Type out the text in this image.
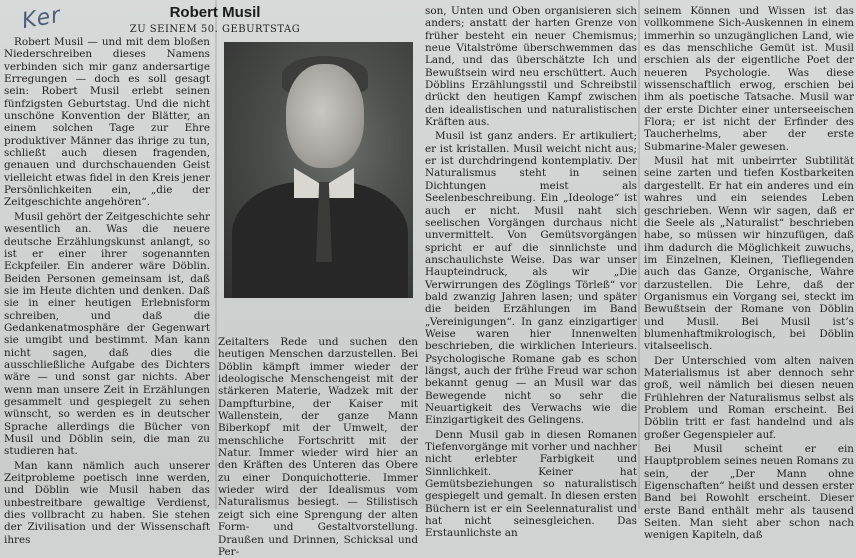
Ker	Robert Musil
ZU SEINEM 50. GEBURTSTAG

Robert Musil — und mit dem bloßen Niederschreiben dieses Namens verbinden sich mir ganz andersartige Erregungen — doch es soll gesagt sein: Robert Musil erlebt seinen fünfzigsten Geburtstag. Und die nicht unschöne Konvention der Blätter, an einem solchen Tage zur Ehre produktiver Männer das ihrige zu tun, schließt auch diesen fragenden, genauen und durchschauenden Geist vielleicht etwas fidel in den Kreis jener Persönlichkeiten ein, „die der Zeitgeschichte angehören“.

Musil gehört der Zeitgeschichte sehr wesentlich an. Was die neuere deutsche Erzählungskunst anlangt, so ist er einer ihrer sogenannten Eckpfeiler. Ein anderer wäre Döblin. Beiden Personen gemeinsam ist, daß sie im Heute dichten und denken. Daß sie in einer heutigen Erlebnisform schreiben, und daß die Gedankenatmosphäre der Gegenwart sie umgibt und bestimmt. Man kann nicht sagen, daß dies die ausschließliche Aufgabe des Dichters wäre — und sonst gar nichts. Aber wenn man unsere Zeit in Erzählungen gesammelt und gespiegelt zu sehen wünscht, so werden es in deutscher Sprache allerdings die Bücher von Musil und Döblin sein, die man zu studieren hat.

Man kann nämlich auch unserer Zeitprobleme poetisch inne werden, und Döblin wie Musil haben das unbestreitbare gewaltige Verdienst, dies vollbracht zu haben. Sie stehen der Zivilisation und der Wissenschaft ihres

Zeitalters Rede und suchen den heutigen Menschen darzustellen. Bei Döblin kämpft immer wieder der ideologische Menschengeist mit der stärkeren Materie, Wadzek mit der Dampfturbine, der Kaiser mit Wallenstein, der ganze Mann Biberkopf mit der Umwelt, der menschliche Fortschritt mit der Natur. Immer wieder wird hier an den Kräften des Unteren das Obere zu einer Donquichotterie. Immer wieder wird der Idealismus vom Naturalismus besiegt. — Stilistisch zeigt sich eine Sprengung der alten Form- und Gestaltvorstellung. Draußen und Drinnen, Schicksal und Per-

son, Unten und Oben organisieren sich anders; anstatt der harten Grenze von früher besteht ein neuer Chemismus; neue Vitalströme überschwemmen das Land, und das überschätzte Ich und Bewußtsein wird neu erschüttert. Auch Döblins Erzählungsstil und Schreibstil drückt den heutigen Kampf zwischen den idealistischen und naturalistischen Kräften aus.

Musil ist ganz anders. Er artikuliert; er ist kristallen. Musil weicht nicht aus; er ist durchdringend kontemplativ. Der Naturalismus steht in seinen Dichtungen meist als Seelenbeschreibung. Ein „Ideologe“ ist auch er nicht. Musil naht sich seelischen Vorgängen durchaus nicht unvermittelt. Von Gemütsvorgängen spricht er auf die sinnlichste und anschaulichste Weise. Das war unser Haupteindruck, als wir „Die Verwirrungen des Zöglings Törleß“ vor bald zwanzig Jahren lasen; und später die beiden Erzählungen im Band „Vereinigungen“. In ganz einzigartiger Weise waren hier Innenwelten beschrieben, die wirklichen Interieurs. Psychologische Romane gab es schon längst, auch der frühe Freud war schon bekannt genug — an Musil war das Bewegende nicht so sehr die Neuartigkeit des Verwachs wie die Einzigartigkeit des Gelingens.

Denn Musil gab in diesen Romanen Tiefenvorgänge mit vorher und nachher nicht erlebter Farbigkeit und Sinnlichkeit. Keiner hat Gemütsbeziehungen so naturalistisch gespiegelt und gemalt. In diesen ersten Büchern ist er ein Seelennaturalist und hat nicht seinesgleichen. Das Erstaunlichste an

seinem Können und Wissen ist das vollkommene Sich-Auskennen in einem immerhin so unzugänglichen Land, wie es das menschliche Gemüt ist. Musil erschien als der eigentliche Poet der neueren Psychologie. Was diese wissenschaftlich erwog, erschien bei ihm als poetische Tatsache. Musil war der erste Dichter einer unterseeischen Flora; er ist nicht der Erfinder des Taucherhelms, aber der erste Submarine-Maler gewesen.

Musil hat mit unbeirrter Subtilität seine zarten und tiefen Kostbarkeiten dargestellt. Er hat ein anderes und ein wahres und ein seiendes Leben geschrieben. Wenn wir sagen, daß er die Seele als „Naturalist“ beschrieben habe, so müssen wir hinzufügen, daß ihm dadurch die Möglichkeit zuwuchs, im Einzelnen, Kleinen, Tiefliegenden auch das Ganze, Organische, Wahre darzustellen. Die Lehre, daß der Organismus ein Vorgang sei, steckt im Bewußtsein der Romane von Döblin und Musil. Bei Musil ist’s blumenhaftmikrologisch, bei Döblin vitalseelisch.

Der Unterschied vom alten naiven Materialismus ist aber dennoch sehr groß, weil nämlich bei diesen neuen Frühlehren der Naturalismus selbst als Problem und Roman erscheint. Bei Döblin tritt er fast handelnd und als großer Gegenspieler auf.

Bei Musil scheint er ein Hauptproblem seines neuen Romans zu sein, der „Der Mann ohne Eigenschaften“ heißt und dessen erster Band bei Rowohlt erscheint. Dieser erste Band enthält mehr als tausend Seiten. Man sieht aber schon nach wenigen Kapiteln, daß
